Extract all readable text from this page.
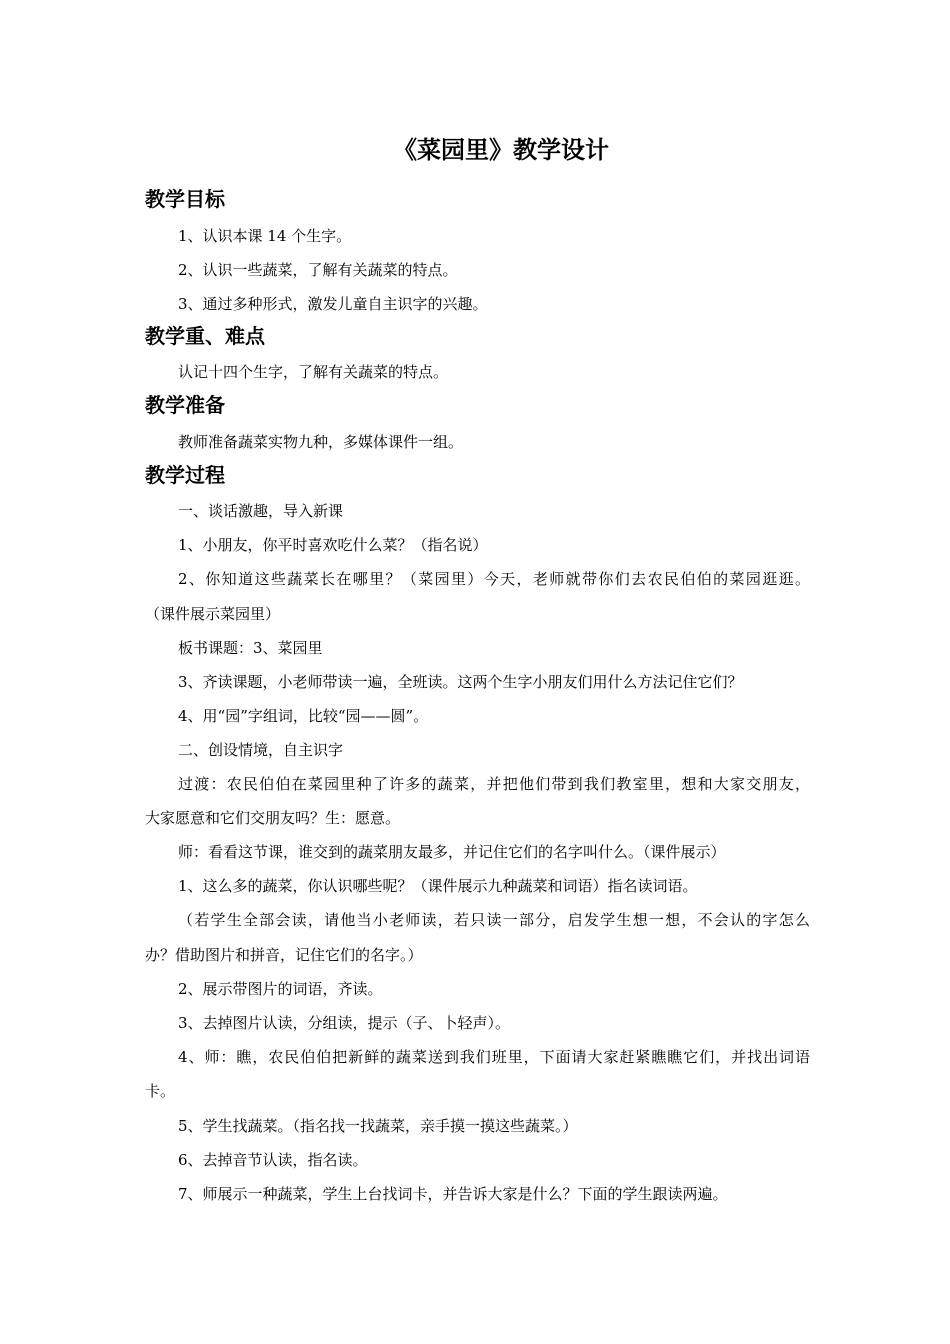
《菜园里》教学设计
教学目标
1、认识本课 14 个生字。
2、认识一些蔬菜，了解有关蔬菜的特点。
3、通过多种形式，激发儿童自主识字的兴趣。
教学重、难点
认记十四个生字，了解有关蔬菜的特点。
教学准备
教师准备蔬菜实物九种，多媒体课件一组。
教学过程
一、谈话激趣，导入新课
1、小朋友，你平时喜欢吃什么菜？（指名说）
2、你知道这些蔬菜长在哪里？（菜园里）今天，老师就带你们去农民伯伯的菜园逛逛。
（课件展示菜园里）
板书课题：3、菜园里
3、齐读课题，小老师带读一遍，全班读。这两个生字小朋友们用什么方法记住它们？
4、用“园”字组词，比较“园——圆”。
二、创设情境，自主识字
过渡：农民伯伯在菜园里种了许多的蔬菜，并把他们带到我们教室里，想和大家交朋友，
大家愿意和它们交朋友吗？生：愿意。
师：看看这节课，谁交到的蔬菜朋友最多，并记住它们的名字叫什么。（课件展示）
1、这么多的蔬菜，你认识哪些呢？（课件展示九种蔬菜和词语）指名读词语。
（若学生全部会读，请他当小老师读，若只读一部分，启发学生想一想，不会认的字怎么
办？借助图片和拼音，记住它们的名字。）
2、展示带图片的词语，齐读。
3、去掉图片认读，分组读，提示（子、卜轻声）。
4、师：瞧，农民伯伯把新鲜的蔬菜送到我们班里，下面请大家赶紧瞧瞧它们，并找出词语
卡。
5、学生找蔬菜。（指名找一找蔬菜，亲手摸一摸这些蔬菜。）
6、去掉音节认读，指名读。
7、师展示一种蔬菜，学生上台找词卡，并告诉大家是什么？下面的学生跟读两遍。
